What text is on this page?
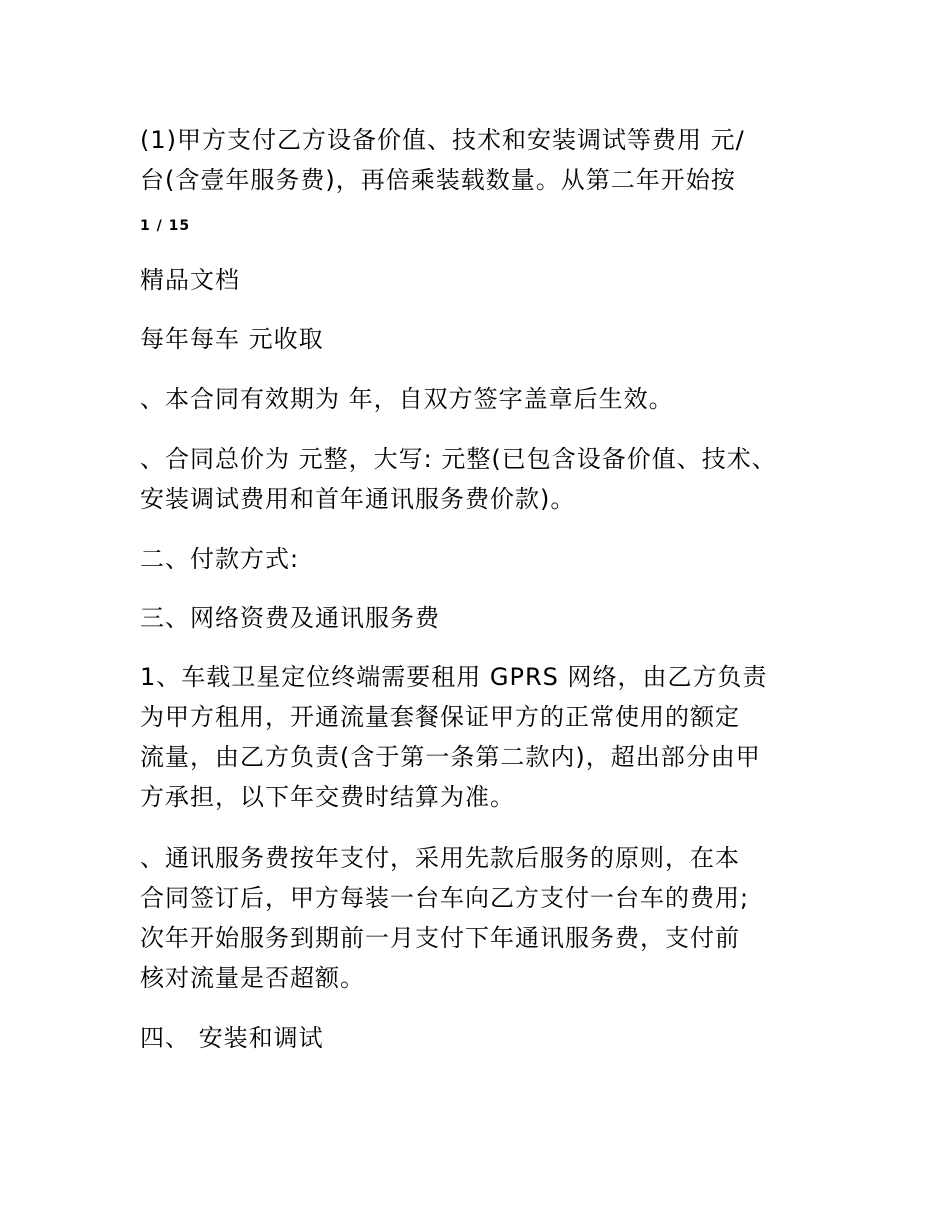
(1)甲方支付乙方设备价值、技术和安装调试等费用 元/
台(含壹年服务费)，再倍乘装载数量。从第二年开始按
1 / 15
精品文档
每年每车 元收取
、本合同有效期为 年，自双方签字盖章后生效。
、合同总价为 元整，大写: 元整(已包含设备价值、技术、
安装调试费用和首年通讯服务费价款)。
二、付款方式:
三、网络资费及通讯服务费
1、车载卫星定位终端需要租用 GPRS 网络，由乙方负责
为甲方租用，开通流量套餐保证甲方的正常使用的额定
流量，由乙方负责(含于第一条第二款内)，超出部分由甲
方承担，以下年交费时结算为准。
、通讯服务费按年支付，采用先款后服务的原则，在本
合同签订后，甲方每装一台车向乙方支付一台车的费用;
次年开始服务到期前一月支付下年通讯服务费，支付前
核对流量是否超额。
四、 安装和调试
